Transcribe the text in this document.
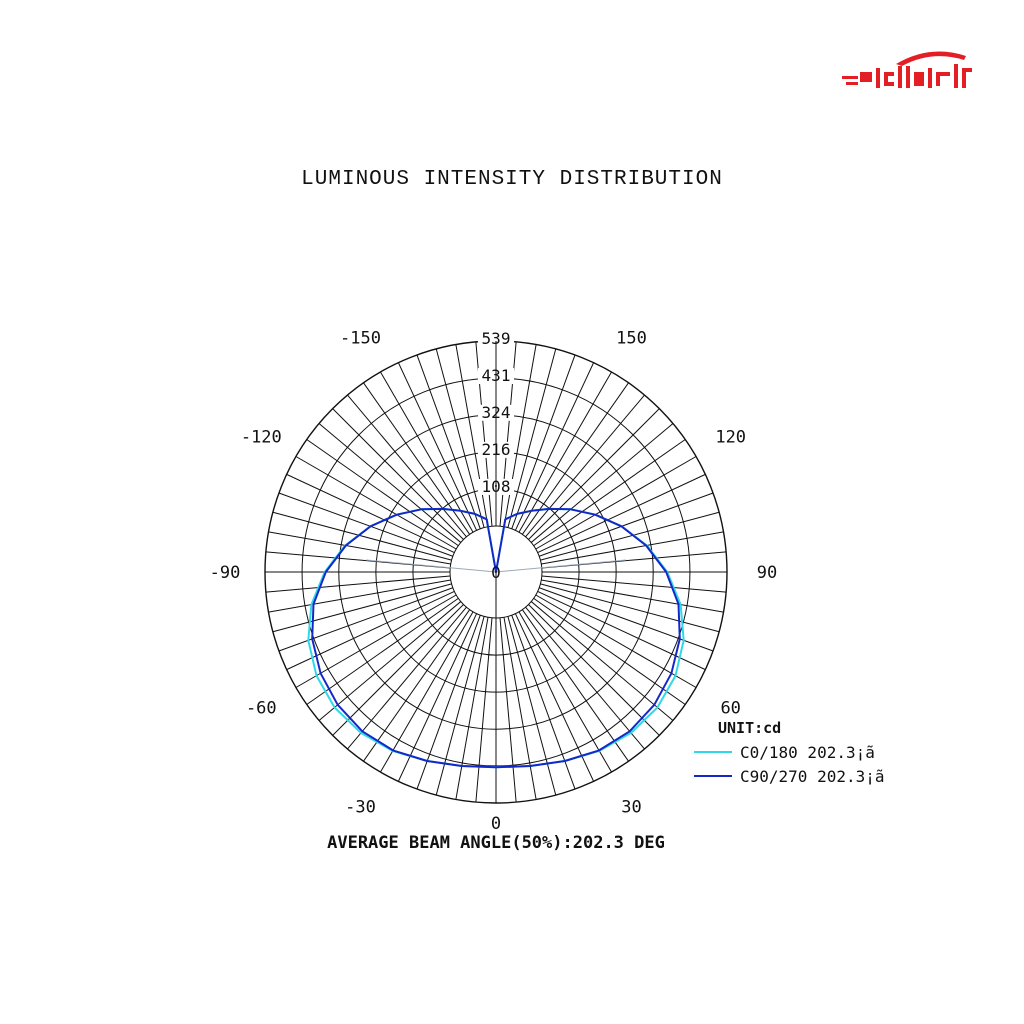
LUMINOUS INTENSITY DISTRIBUTION
108
216
324
431
539
0
0
30
60
90
120
150
-30
-60
-90
-120
-150
UNIT:cd
C0/180 202.3¡ã
C90/270 202.3¡ã
AVERAGE BEAM ANGLE(50%):202.3 DEG
